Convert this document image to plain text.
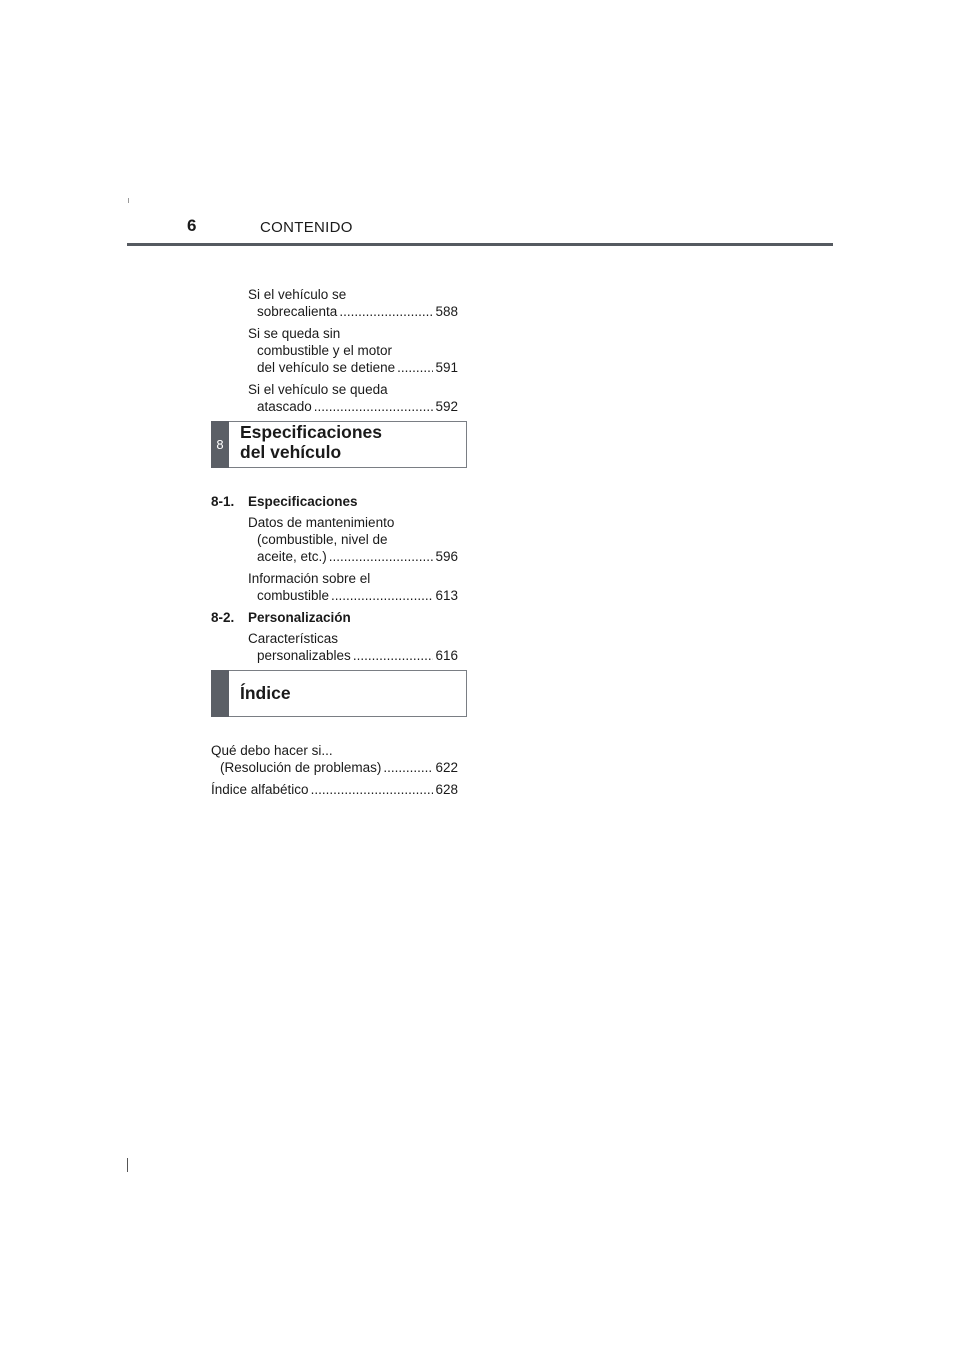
6	CONTENIDO
Si el vehículo se
sobrecalienta .....	588
Si se queda sin
combustible y el motor
del vehículo se detiene .....	591
Si el vehículo se queda
atascado .....	592
8
Especificaciones
del vehículo
8-1.	Especificaciones
Datos de mantenimiento
(combustible, nivel de
aceite, etc.) .....	596
Información sobre el
combustible .....	613
8-2.	Personalización
Características
personalizables .....	616
Índice
Qué debo hacer si...
(Resolución de problemas) .....	622
Índice alfabético .....	628
